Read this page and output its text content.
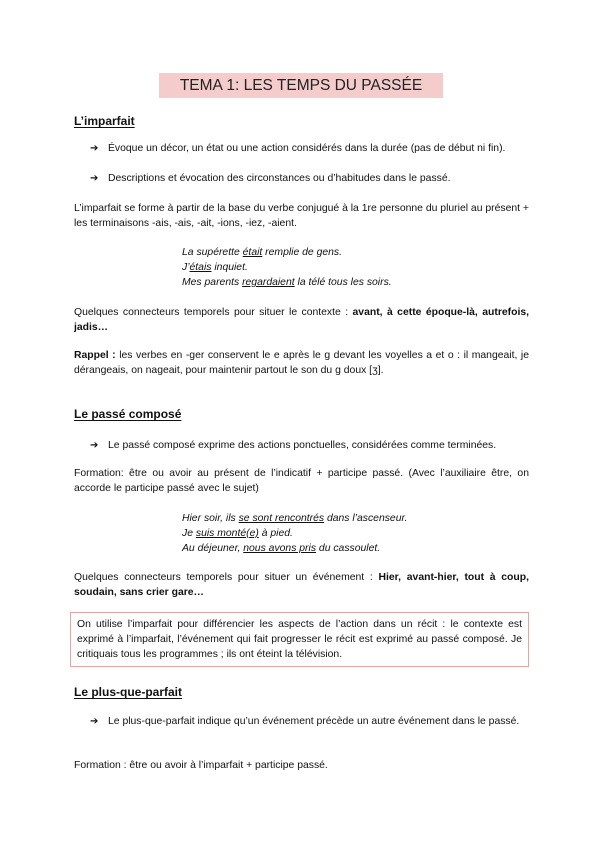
TEMA 1: LES TEMPS DU PASSÉE
L’imparfait
➔ Évoque un décor, un état ou une action considérés dans la durée (pas de début ni fin).
➔ Descriptions et évocation des circonstances ou d’habitudes dans le passé.
L’imparfait se forme à partir de la base du verbe conjugué à la 1re personne du pluriel au présent + les terminaisons -ais, -ais, -ait, -ions, -iez, -aient.
La supérette était remplie de gens.
J’étais inquiet.
Mes parents regardaient la télé tous les soirs.
Quelques connecteurs temporels pour situer le contexte : avant, à cette époque-là, autrefois, jadis…
Rappel : les verbes en -ger conservent le e après le g devant les voyelles a et o : il mangeait, je dérangeais, on nageait, pour maintenir partout le son du g doux [ʒ].
Le passé composé
➔ Le passé composé exprime des actions ponctuelles, considérées comme terminées.
Formation: être ou avoir au présent de l’indicatif + participe passé. (Avec l’auxiliaire être, on accorde le participe passé avec le sujet)
Hier soir, ils se sont rencontrés dans l’ascenseur.
Je suis monté(e) à pied.
Au déjeuner, nous avons pris du cassoulet.
Quelques connecteurs temporels pour situer un événement : Hier, avant-hier, tout à coup, soudain, sans crier gare…
On utilise l’imparfait pour différencier les aspects de l’action dans un récit : le contexte est exprimé à l’imparfait, l’événement qui fait progresser le récit est exprimé au passé composé. Je critiquais tous les programmes ; ils ont éteint la télévision.
Le plus-que-parfait
➔ Le plus-que-parfait indique qu’un événement précède un autre événement dans le passé.
Formation : être ou avoir à l’imparfait + participe passé.
